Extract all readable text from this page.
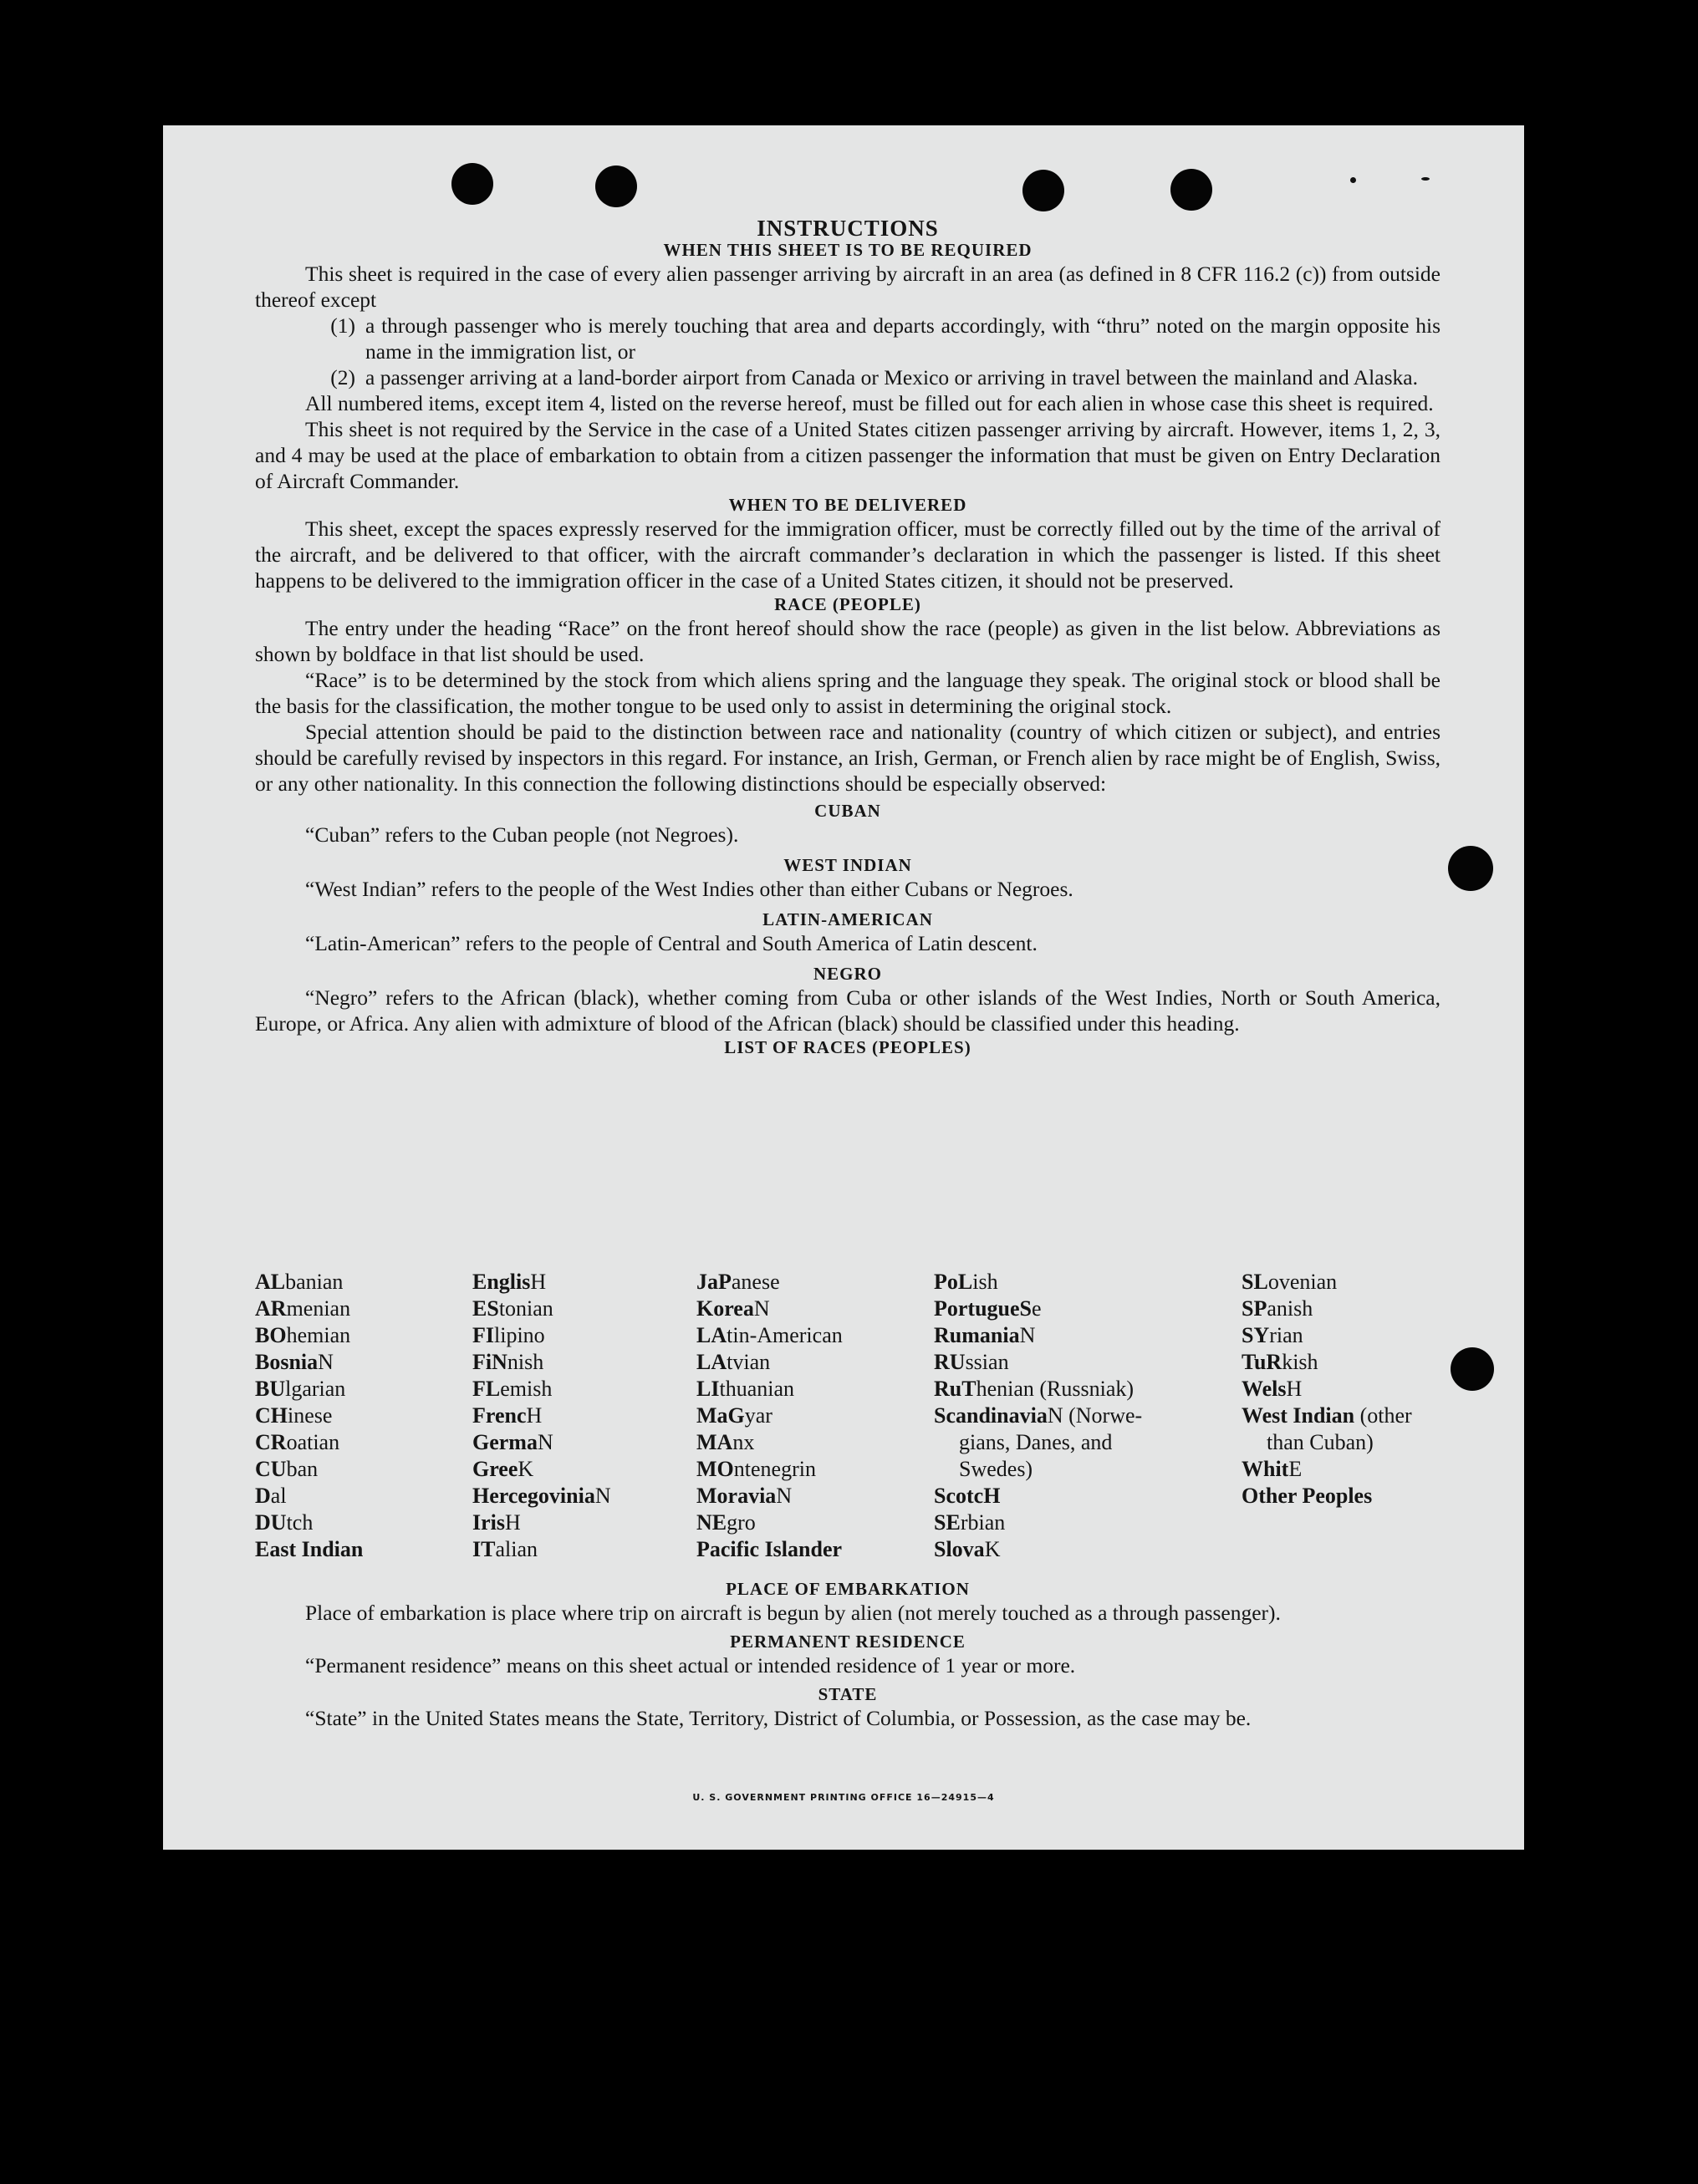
INSTRUCTIONS
WHEN THIS SHEET IS TO BE REQUIRED

This sheet is required in the case of every alien passenger arriving by aircraft in an area (as defined in 8 CFR 116.2 (c)) from outside thereof except

(1) a through passenger who is merely touching that area and departs accordingly, with “thru” noted on the margin opposite his name in the immigration list, or
(2) a passenger arriving at a land-border airport from Canada or Mexico or arriving in travel between the mainland and Alaska.

All numbered items, except item 4, listed on the reverse hereof, must be filled out for each alien in whose case this sheet is required.

This sheet is not required by the Service in the case of a United States citizen passenger arriving by aircraft. However, items 1, 2, 3, and 4 may be used at the place of embarkation to obtain from a citizen passenger the information that must be given on Entry Declaration of Aircraft Commander.

WHEN TO BE DELIVERED

This sheet, except the spaces expressly reserved for the immigration officer, must be correctly filled out by the time of the arrival of the aircraft, and be delivered to that officer, with the aircraft commander’s declaration in which the passenger is listed. If this sheet happens to be delivered to the immigration officer in the case of a United States citizen, it should not be preserved.

RACE (PEOPLE)

The entry under the heading “Race” on the front hereof should show the race (people) as given in the list below. Abbreviations as shown by boldface in that list should be used.

“Race” is to be determined by the stock from which aliens spring and the language they speak. The original stock or blood shall be the basis for the classification, the mother tongue to be used only to assist in determining the original stock.

Special attention should be paid to the distinction between race and nationality (country of which citizen or subject), and entries should be carefully revised by inspectors in this regard. For instance, an Irish, German, or French alien by race might be of English, Swiss, or any other nationality. In this connection the following distinctions should be especially observed:

CUBAN

“Cuban” refers to the Cuban people (not Negroes).

WEST INDIAN

“West Indian” refers to the people of the West Indies other than either Cubans or Negroes.

LATIN-AMERICAN

“Latin-American” refers to the people of Central and South America of Latin descent.

NEGRO

“Negro” refers to the African (black), whether coming from Cuba or other islands of the West Indies, North or South America, Europe, or Africa. Any alien with admixture of blood of the African (black) should be classified under this heading.

LIST OF RACES (PEOPLES)
ALbanian
ARmenian
BOhemian
BosniaN
BUlgarian
CHinese
CRoatian
CUban
Dal
DUtch
East Indian
EnglisH
EStonian
FIlipino
FiNnish
FLemish
FrencH
GermaN
GreeK
HercegoviniaN
IrisH
ITalian
JaPanese
KoreaN
LAtin-American
LAtvian
LIthuanian
MaGyar
MAnx
MOntenegrin
MoraviaN
NEgro
Pacific Islander
PoLish
PortugueSe
RumaniaN
RUssian
RuThenian (Russniak)
ScandinaviaN (Norwe-
gians, Danes, and
Swedes)
ScotcH
SErbian
SlovaK
SLovenian
SPanish
SYrian
TuRkish
WelsH
West Indian (other
than Cuban)
WhitE
Other Peoples
PLACE OF EMBARKATION

Place of embarkation is place where trip on aircraft is begun by alien (not merely touched as a through passenger).

PERMANENT RESIDENCE

“Permanent residence” means on this sheet actual or intended residence of 1 year or more.

STATE

“State” in the United States means the State, Territory, District of Columbia, or Possession, as the case may be.

U. S. GOVERNMENT PRINTING OFFICE 16—24915—4
